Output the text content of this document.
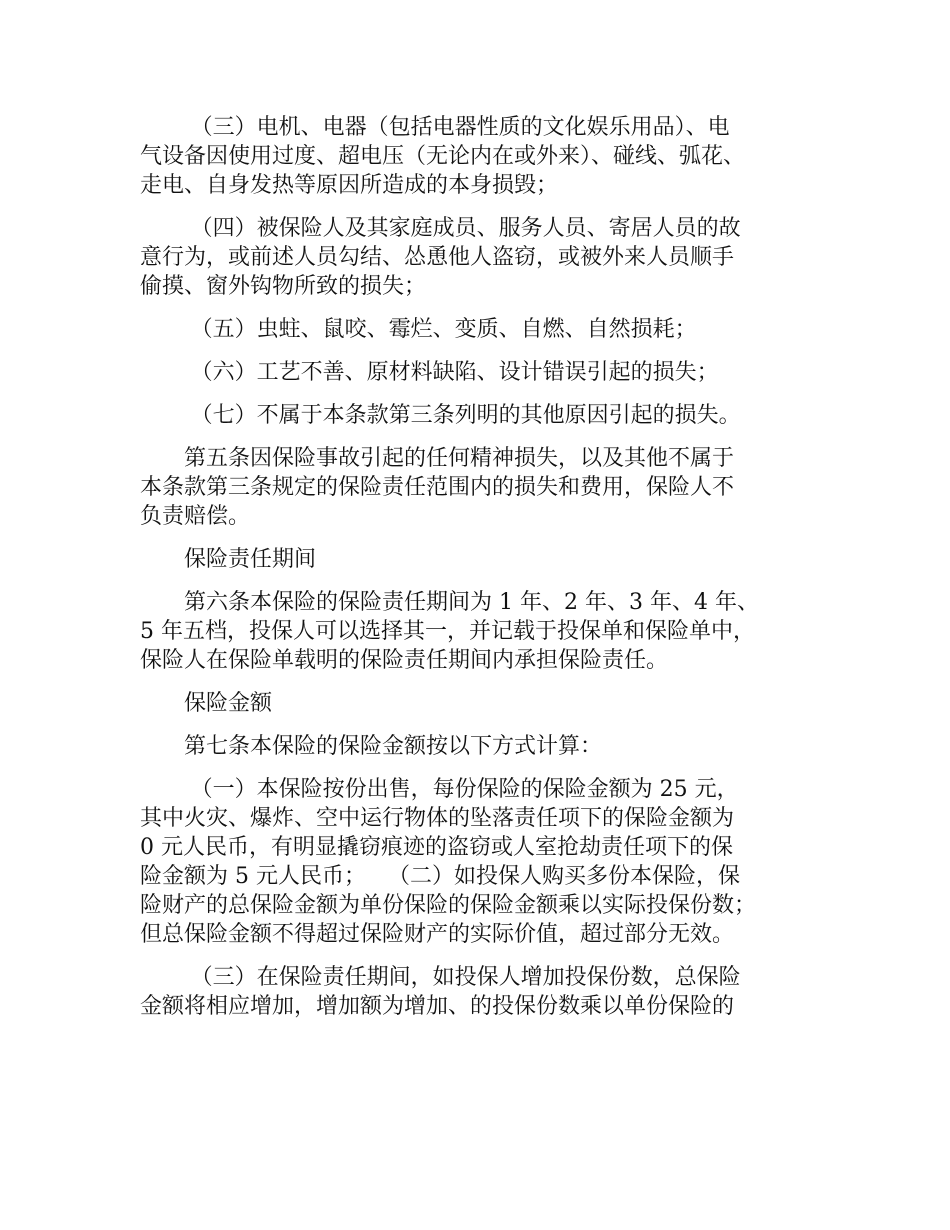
（三）电机、电器（包括电器性质的文化娱乐用品）、电
气设备因使用过度、超电压（无论内在或外来）、碰线、弧花、
走电、自身发热等原因所造成的本身损毁；

（四）被保险人及其家庭成员、服务人员、寄居人员的故
意行为，或前述人员勾结、怂恿他人盗窃，或被外来人员顺手
偷摸、窗外钩物所致的损失；

（五）虫蛀、鼠咬、霉烂、变质、自燃、自然损耗；

（六）工艺不善、原材料缺陷、设计错误引起的损失；

（七）不属于本条款第三条列明的其他原因引起的损失。

第五条因保险事故引起的任何精神损失，以及其他不属于
本条款第三条规定的保险责任范围内的损失和费用，保险人不
负责赔偿。

保险责任期间

第六条本保险的保险责任期间为 1 年、2 年、3 年、4 年、
5 年五档，投保人可以选择其一，并记载于投保单和保险单中，
保险人在保险单载明的保险责任期间内承担保险责任。

保险金额

第七条本保险的保险金额按以下方式计算：

（一）本保险按份出售，每份保险的保险金额为 25 元，
其中火灾、爆炸、空中运行物体的坠落责任项下的保险金额为
0 元人民币，有明显撬窃痕迹的盗窃或人室抢劫责任项下的保
险金额为 5 元人民币；　　（二）如投保人购买多份本保险，保
险财产的总保险金额为单份保险的保险金额乘以实际投保份数；
但总保险金额不得超过保险财产的实际价值，超过部分无效。

（三）在保险责任期间，如投保人增加投保份数，总保险
金额将相应增加，增加额为增加、的投保份数乘以单份保险的
